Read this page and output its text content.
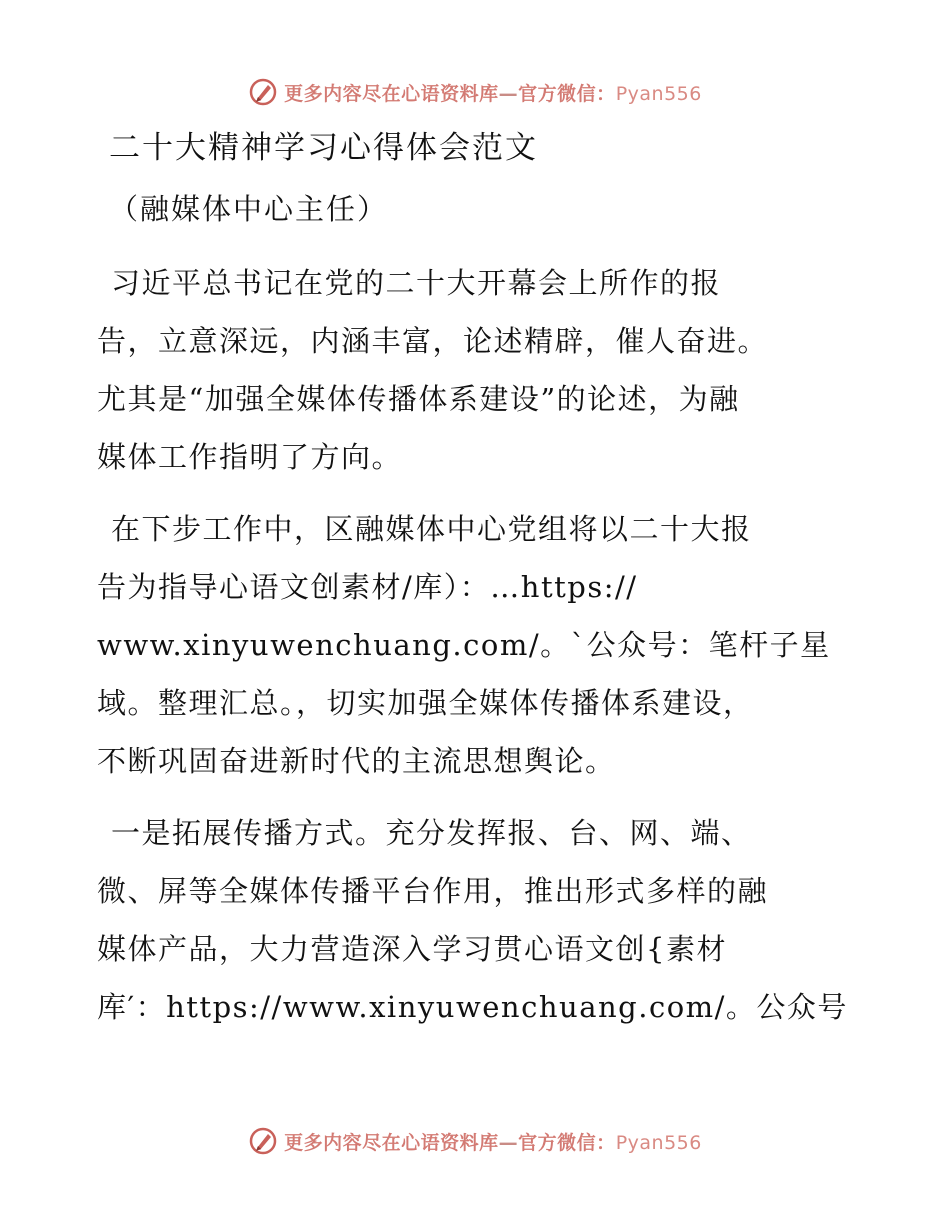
更多内容尽在心语资料库—官方微信：Pyan556
二十大精神学习心得体会范文
（融媒体中心主任）
习近平总书记在党的二十大开幕会上所作的报
告，立意深远，内涵丰富，论述精辟，催人奋进。
尤其是“加强全媒体传播体系建设”的论述，为融
媒体工作指明了方向。
在下步工作中，区融媒体中心党组将以二十大报
告为指导心语文创素材/库）：…https://
www.xinyuwenchuang.com/。`公众号：笔杆子星
域。整理汇总。，切实加强全媒体传播体系建设，
不断巩固奋进新时代的主流思想舆论。
一是拓展传播方式。充分发挥报、台、网、端、
微、屏等全媒体传播平台作用，推出形式多样的融
媒体产品，大力营造深入学习贯心语文创{素材
库′：https://www.xinyuwenchuang.com/。公众号
更多内容尽在心语资料库—官方微信：Pyan556
